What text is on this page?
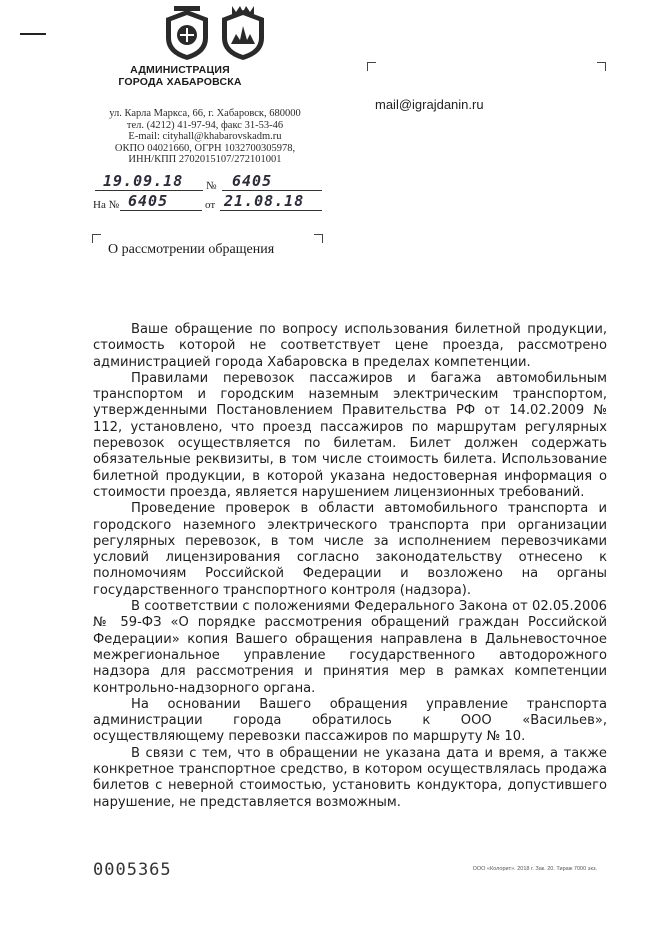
АДМИНИСТРАЦИЯ
ГОРОДА ХАБАРОВСКА
ул. Карла Маркса, 66, г. Хабаровск, 680000
тел. (4212) 41-97-94, факс 31-53-46
E-mail: cityhall@khabarovskadm.ru
ОКПО 04021660, ОГРН 1032700305978,
ИНН/КПП 2702015107/272101001
mail@igrajdanin.ru
19.09.18 № 6405
На № 6405	от 21.08.18
О рассмотрении обращения

Ваше обращение по вопросу использования билетной продукции, стоимость которой не соответствует цене проезда, рассмотрено администрацией города Хабаровска в пределах компетенции.

Правилами перевозок пассажиров и багажа автомобильным транспортом и городским наземным электрическим транспортом, утвержденными Постановлением Правительства РФ от 14.02.2009 № 112, установлено, что проезд пассажиров по маршрутам регулярных перевозок осуществляется по билетам. Билет должен содержать обязательные реквизиты, в том числе стоимость билета. Использование билетной продукции, в которой указана недостоверная информация о стоимости проезда, является нарушением лицензионных требований.

Проведение проверок в области автомобильного транспорта и городского наземного электрического транспорта при организации регулярных перевозок, в том числе за исполнением перевозчиками условий лицензирования согласно законодательству отнесено к полномочиям Российской Федерации и возложено на органы государственного транспортного контроля (надзора).

В соответствии с положениями Федерального Закона от 02.05.2006 № 59-ФЗ «О порядке рассмотрения обращений граждан Российской Федерации» копия Вашего обращения направлена в Дальневосточное межрегиональное управление государственного автодорожного надзора для рассмотрения и принятия мер в рамках компетенции контрольно-надзорного органа.

На основании Вашего обращения управление транспорта администрации города обратилось к ООО «Васильев», осуществляющему перевозки пассажиров по маршруту № 10.

В связи с тем, что в обращении не указана дата и время, а также конкретное транспортное средство, в котором осуществлялась продажа билетов с неверной стоимостью, установить кондуктора, допустившего нарушение, не представляется возможным.

0005365	ООО «Колорит». 2018 г. Зак. 20. Тираж 7000 экз.
